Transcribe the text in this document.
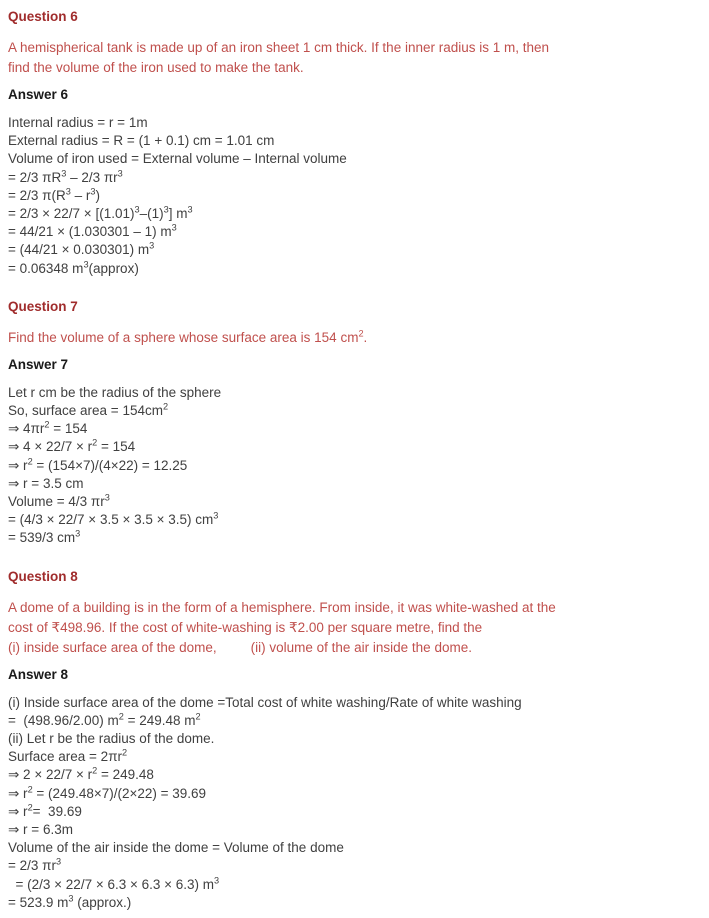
Question 6
A hemispherical tank is made up of an iron sheet 1 cm thick. If the inner radius is 1 m, then
find the volume of the iron used to make the tank.
Answer 6
Internal radius = r = 1m
External radius = R = (1 + 0.1) cm = 1.01 cm
Volume of iron used = External volume – Internal volume
= 2/3 $\pi R^3 - 2/3$ $\pi r^3$
= 2/3 $\pi(R^3 - r^3)$
= $2/3 \times 22/7 \times [(1.01)^3-(1)^3]$ $m^3$
= 44/21 × (1.030301 – 1) $m^3$
= (44/21 × 0.030301) $m^3$
= 0.06348 $m^3(approx)$
Question 7
Find the volume of a sphere whose surface area is 154 $cm^2$.
Answer 7
Let r cm be the radius of the sphere
So, surface area = $154cm^2$
⇒ $4\pi r^2 = 154$
⇒ $4 \times 22/7 \times r^2 = 154$
⇒ $r^2 = (154\times 7)/(4\times 22) = 12.25$
⇒ r = 3.5 cm
Volume = 4/3 $\pi r^3$
= (4/3 × 22/7 × 3.5 × 3.5 × 3.5) $cm^3$
= 539/3 $cm^3$
Question 8
A dome of a building is in the form of a hemisphere. From inside, it was white-washed at the
cost of ₹498.96. If the cost of white-washing is ₹2.00 per square metre, find the
(i) inside surface area of the dome,	(ii) volume of the air inside the dome.
Answer 8
(i) Inside surface area of the dome =Total cost of white washing/Rate of white washing
=  (498.96/2.00) $m^2 = 249.48$ $m^2$
(ii) Let r be the radius of the dome.
Surface area = $2\pi r^2$
⇒ $2 \times 22/7 \times r^2 = 249.48$
⇒ $r^2 = (249.48\times 7)/(2\times 22) = 39.69$
⇒ $r^2= 39.69$
⇒ r = 6.3m
Volume of the air inside the dome = Volume of the dome
= 2/3 $\pi r^3$
= (2/3 × 22/7 × 6.3 × 6.3 × 6.3) $m^3$
= 523.9 $m^3$ (approx.)
